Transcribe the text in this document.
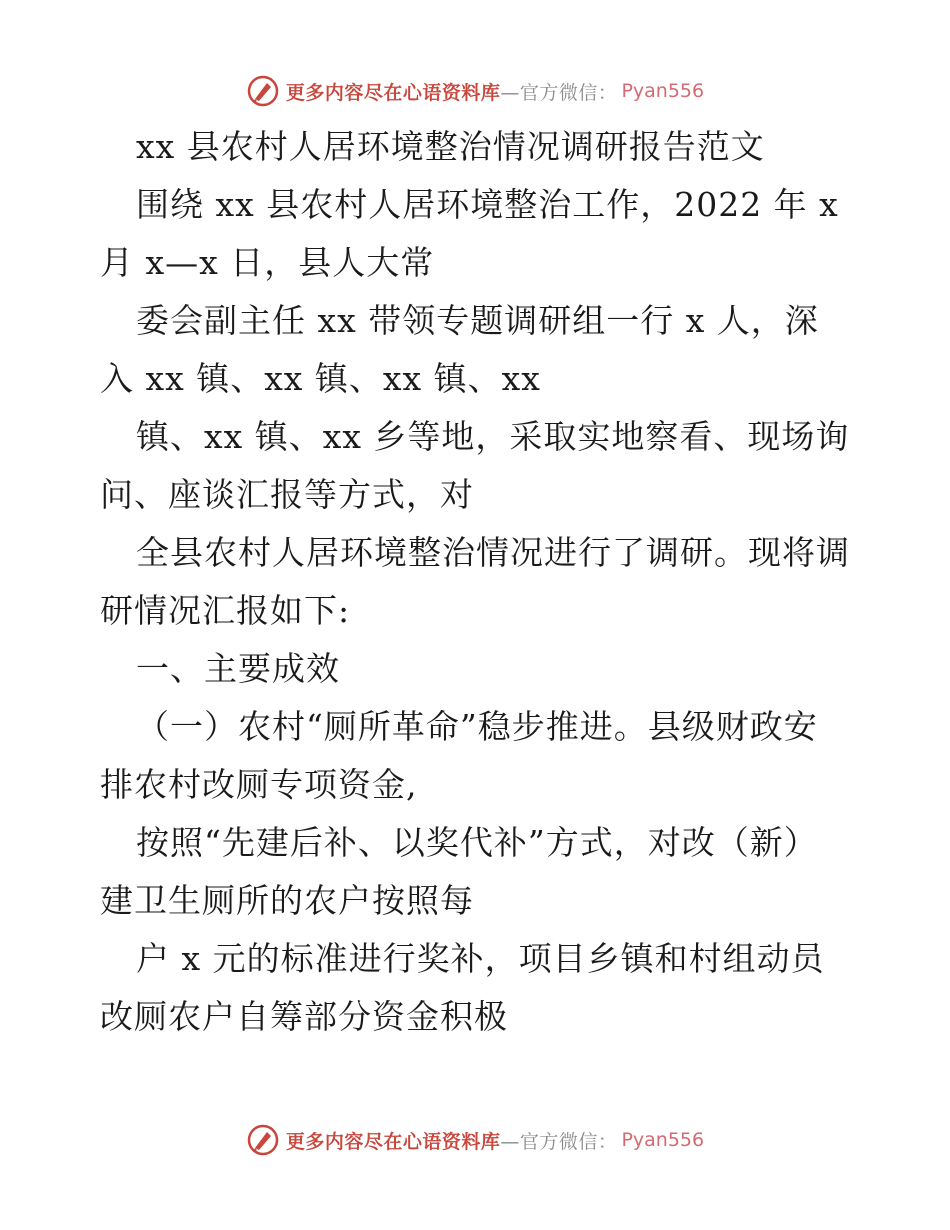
更多内容尽在心语资料库 —官方微信： Pyan556
xx 县农村人居环境整治情况调研报告范文
围绕 xx 县农村人居环境整治工作，2022 年 x
月 x—x 日，县人大常
委会副主任 xx 带领专题调研组一行 x 人，深
入 xx 镇、xx 镇、xx 镇、xx
镇、xx 镇、xx 乡等地，采取实地察看、现场询
问、座谈汇报等方式，对
全县农村人居环境整治情况进行了调研。现将调
研情况汇报如下:
一、主要成效
（一）农村“厕所革命”稳步推进。县级财政安
排农村改厕专项资金,
按照“先建后补、以奖代补”方式，对改（新）
建卫生厕所的农户按照每
户 x 元的标准进行奖补，项目乡镇和村组动员
改厕农户自筹部分资金积极
更多内容尽在心语资料库 —官方微信： Pyan556
